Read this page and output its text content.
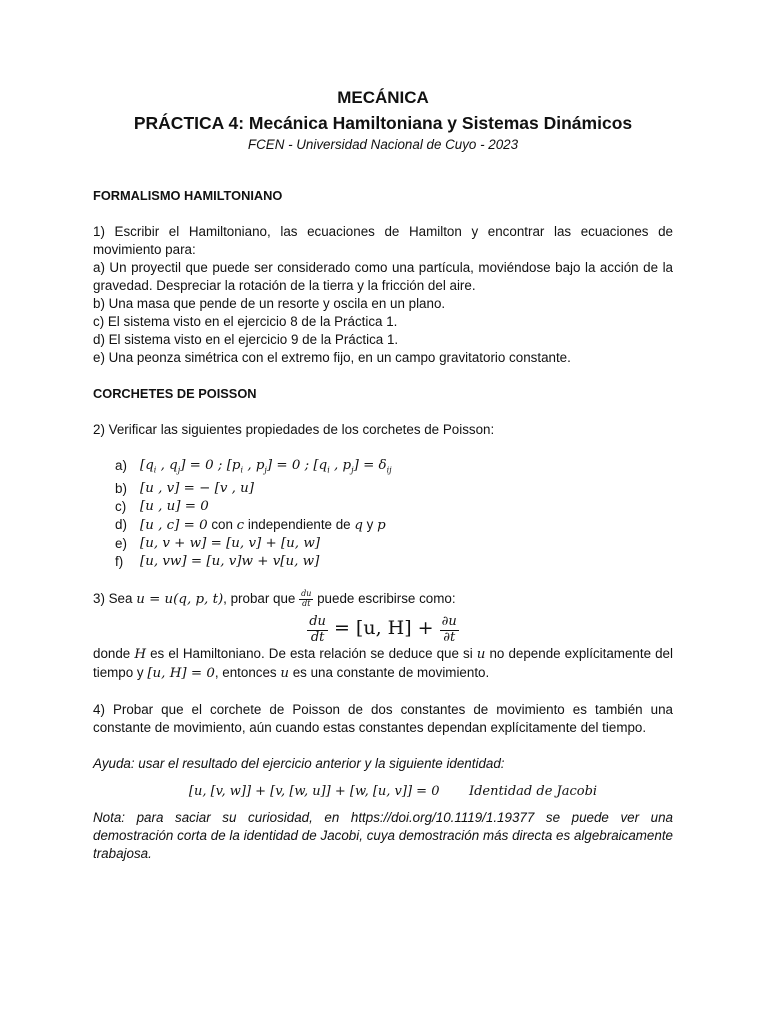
MECÁNICA
PRÁCTICA 4: Mecánica Hamiltoniana y Sistemas Dinámicos
FCEN - Universidad Nacional de Cuyo - 2023
FORMALISMO HAMILTONIANO

1) Escribir el Hamiltoniano, las ecuaciones de Hamilton y encontrar las ecuaciones de movimiento para:

a) Un proyectil que puede ser considerado como una partícula, moviéndose bajo la acción de la gravedad. Despreciar la rotación de la tierra y la fricción del aire.

b) Una masa que pende de un resorte y oscila en un plano.

c) El sistema visto en el ejercicio 8 de la Práctica 1.

d) El sistema visto en el ejercicio 9 de la Práctica 1.

e) Una peonza simétrica con el extremo fijo, en un campo gravitatorio constante.

CORCHETES DE POISSON

2) Verificar las siguientes propiedades de los corchetes de Poisson:

a) [$q_i$ , $q_j] = 0$ ; [$p_i$ , $p_j] = 0$ ; [$q_i$ , $p_j] = \delta_{ij}$
b) [u , v] = − [v , u]
c)	[u , u] = 0
d) [u , c] = 0 con c independiente de q y p
e) [u, v + w] = [u, v] + [u, w]
f)	[u, vw] = [u, v]w + v[u, w]

3) Sea u = u(q, p, t), probar que $\frac{du}{dt}$ puede escribirse como:

$\frac{du}{dt} = [u$, $H] + \frac{\partial u}{\partial t}$

donde H es el Hamiltoniano. De esta relación se deduce que si u no depende explícitamente del tiempo y [u, H] = 0, entonces u es una constante de movimiento.

4) Probar que el corchete de Poisson de dos constantes de movimiento es también una constante de movimiento, aún cuando estas constantes dependan explícitamente del tiempo.

Ayuda: usar el resultado del ejercicio anterior y la siguiente identidad:

[u, [v, w]] + [v, [w, u]] + [w, [u, v]] = 0 Identidad de Jacobi

Nota: para saciar su curiosidad, en https://doi.org/10.1119/1.19377 se puede ver una demostración corta de la identidad de Jacobi, cuya demostración más directa es algebraicamente trabajosa.
